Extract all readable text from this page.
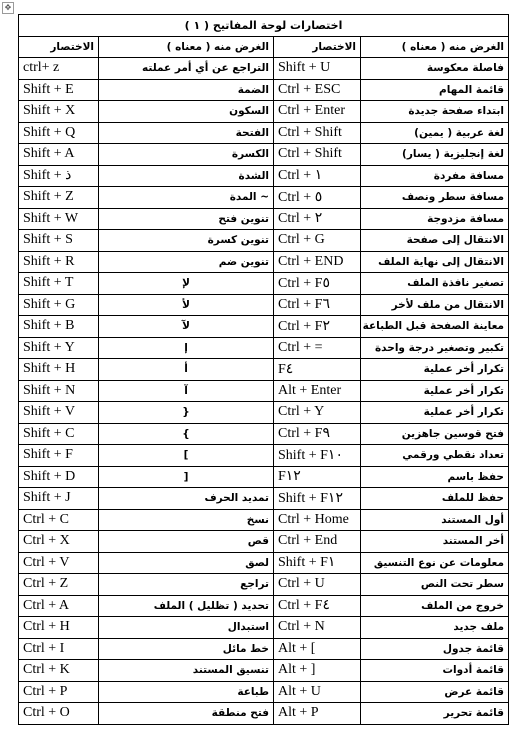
✥
اختصارات لوحة المفاتيح ( ١ )			
الاختصار	الغرض منه ( معناه )	الاختصار	الغرض منه ( معناه )
ctrl+ z	التراجع عن أي أمر عملته	Shift + U	فاصلة معكوسة
Shift + E	الضمة	Ctrl + ESC	قائمة المهام
Shift + X	السكون	Ctrl + Enter	ابتداء صفحة جديدة
Shift + Q	الفتحة	Ctrl + Shift	لغة عربية ( يمين)
Shift + A	الكسرة	Ctrl + Shift	لغة إنجليزية ( يسار)
Shift + ذ	الشدة	Ctrl + ١	مسافة مفردة
Shift + Z	~ المدة	Ctrl + ٥	مسافة سطر ونصف
Shift + W	تنوين فتح	Ctrl + ٢	مسافة مزدوجة
Shift + S	تنوين كسرة	Ctrl + G	الانتقال إلى صفحة
Shift + R	تنوين ضم	Ctrl + END	الانتقال إلى نهاية الملف
Shift + T	لإ	Ctrl + F٥	تصغير نافذة الملف
Shift + G	لأ	Ctrl + F٦	الانتقال من ملف لأخر
Shift + B	لآ	Ctrl + F٢	معاينة الصفحة قبل الطباعة
Shift + Y	إ	Ctrl + =	تكبير وتصغير درجة واحدة
Shift + H	أ	F٤	تكرار أخر عملية
Shift + N	آ	Alt + Enter	تكرار أخر عملية
Shift + V	{	Ctrl + Y	تكرار أخر عملية
Shift + C	}	Ctrl + F٩	فتح قوسين جاهزين
Shift + F	]	Shift + F١٠	تعداد نقطي ورقمي
Shift + D	[	F١٢	حفظ باسم
Shift + J	تمديد الحرف	Shift + F١٢	حفظ للملف
Ctrl + C	نسخ	Ctrl + Home	أول المستند
Ctrl + X	قص	Ctrl + End	أخر المستند
Ctrl + V	لصق	Shift + F١	معلومات عن نوع التنسيق
Ctrl + Z	تراجع	Ctrl + U	سطر تحت النص
Ctrl + A	تحديد ( تظليل ) الملف	Ctrl + F٤	خروج من الملف
Ctrl + H	استبدال	Ctrl + N	ملف جديد
Ctrl + I	خط مائل	Alt + [	قائمة جدول
Ctrl + K	تنسيق المستند	Alt + ]	قائمة أدوات
Ctrl + P	طباعة	Alt + U	قائمة عرض
Ctrl + O	فتح منطقة	Alt + P	قائمة تحرير
